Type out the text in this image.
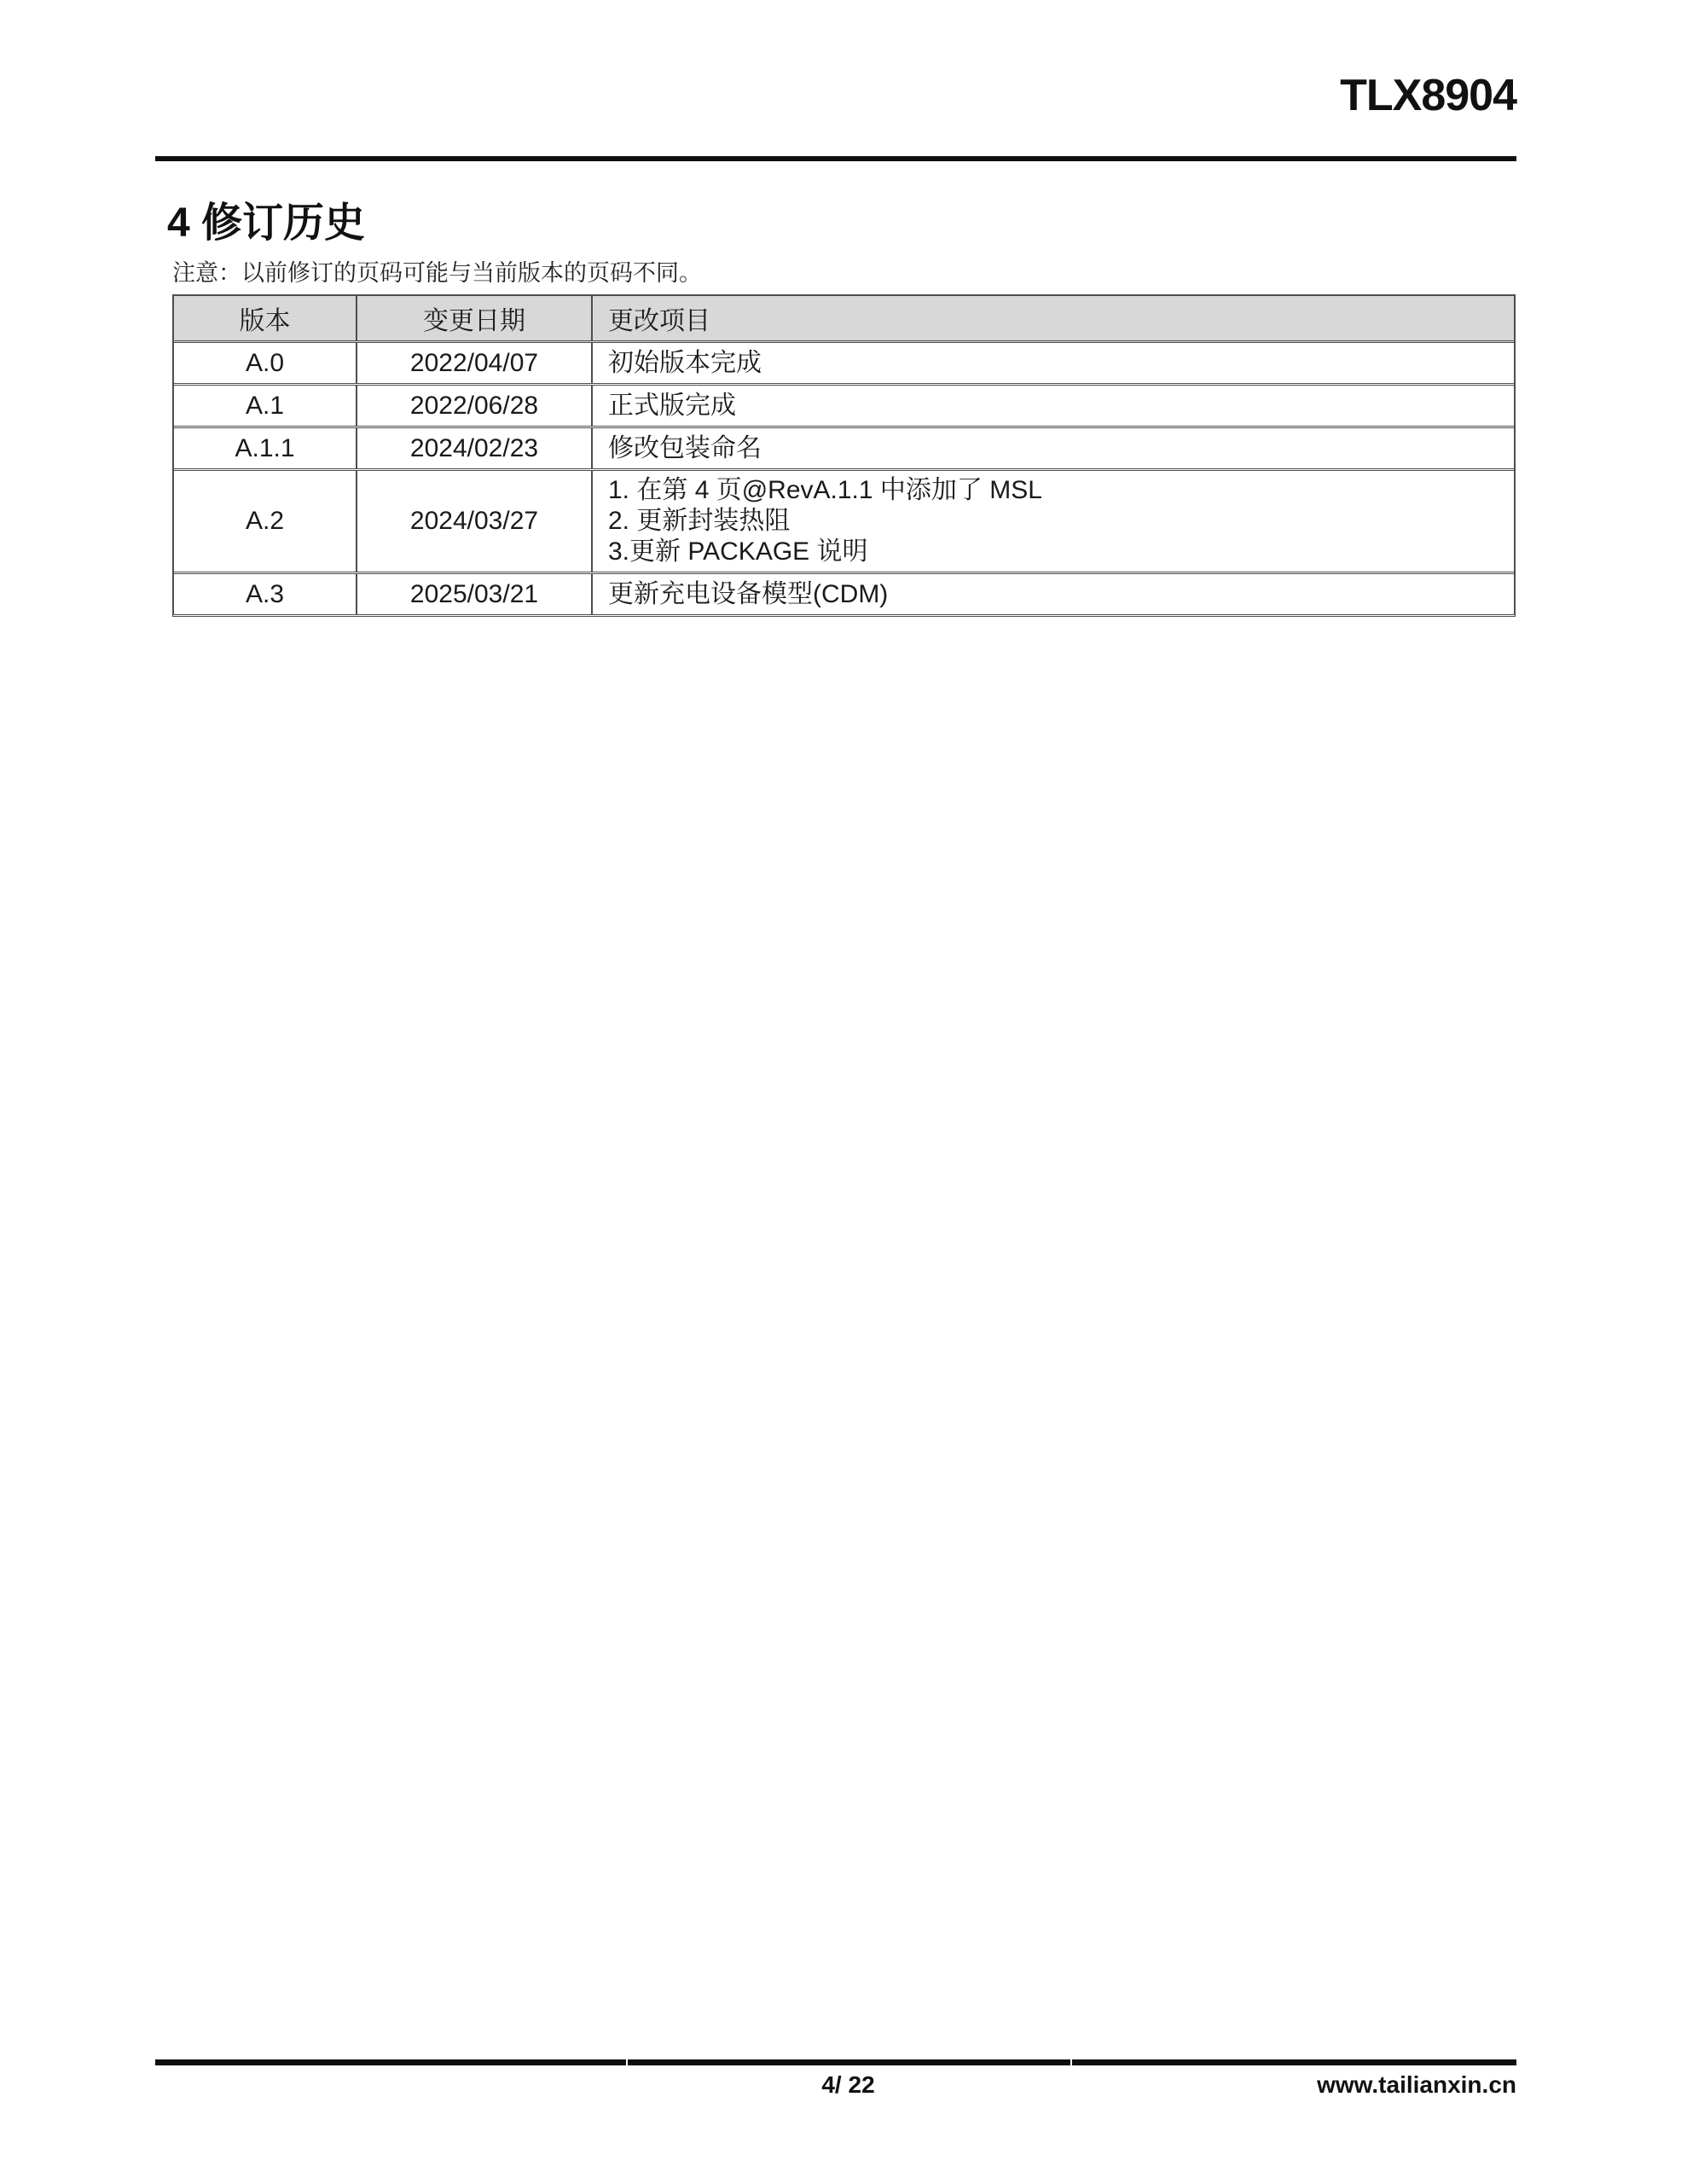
TLX8904
4 修订历史
注意：以前修订的页码可能与当前版本的页码不同。
版本	变更日期	更改项目
A.0	2022/04/07	初始版本完成
A.1	2022/06/28	正式版完成
A.1.1	2024/02/23	修改包装命名
A.2	2024/03/27
1. 在第 4 页@RevA.1.1 中添加了 MSL
2. 更新封装热阻
3.更新 PACKAGE 说明
A.3	2025/03/21	更新充电设备模型(CDM)
4/ 22	www.tailianxin.cn
